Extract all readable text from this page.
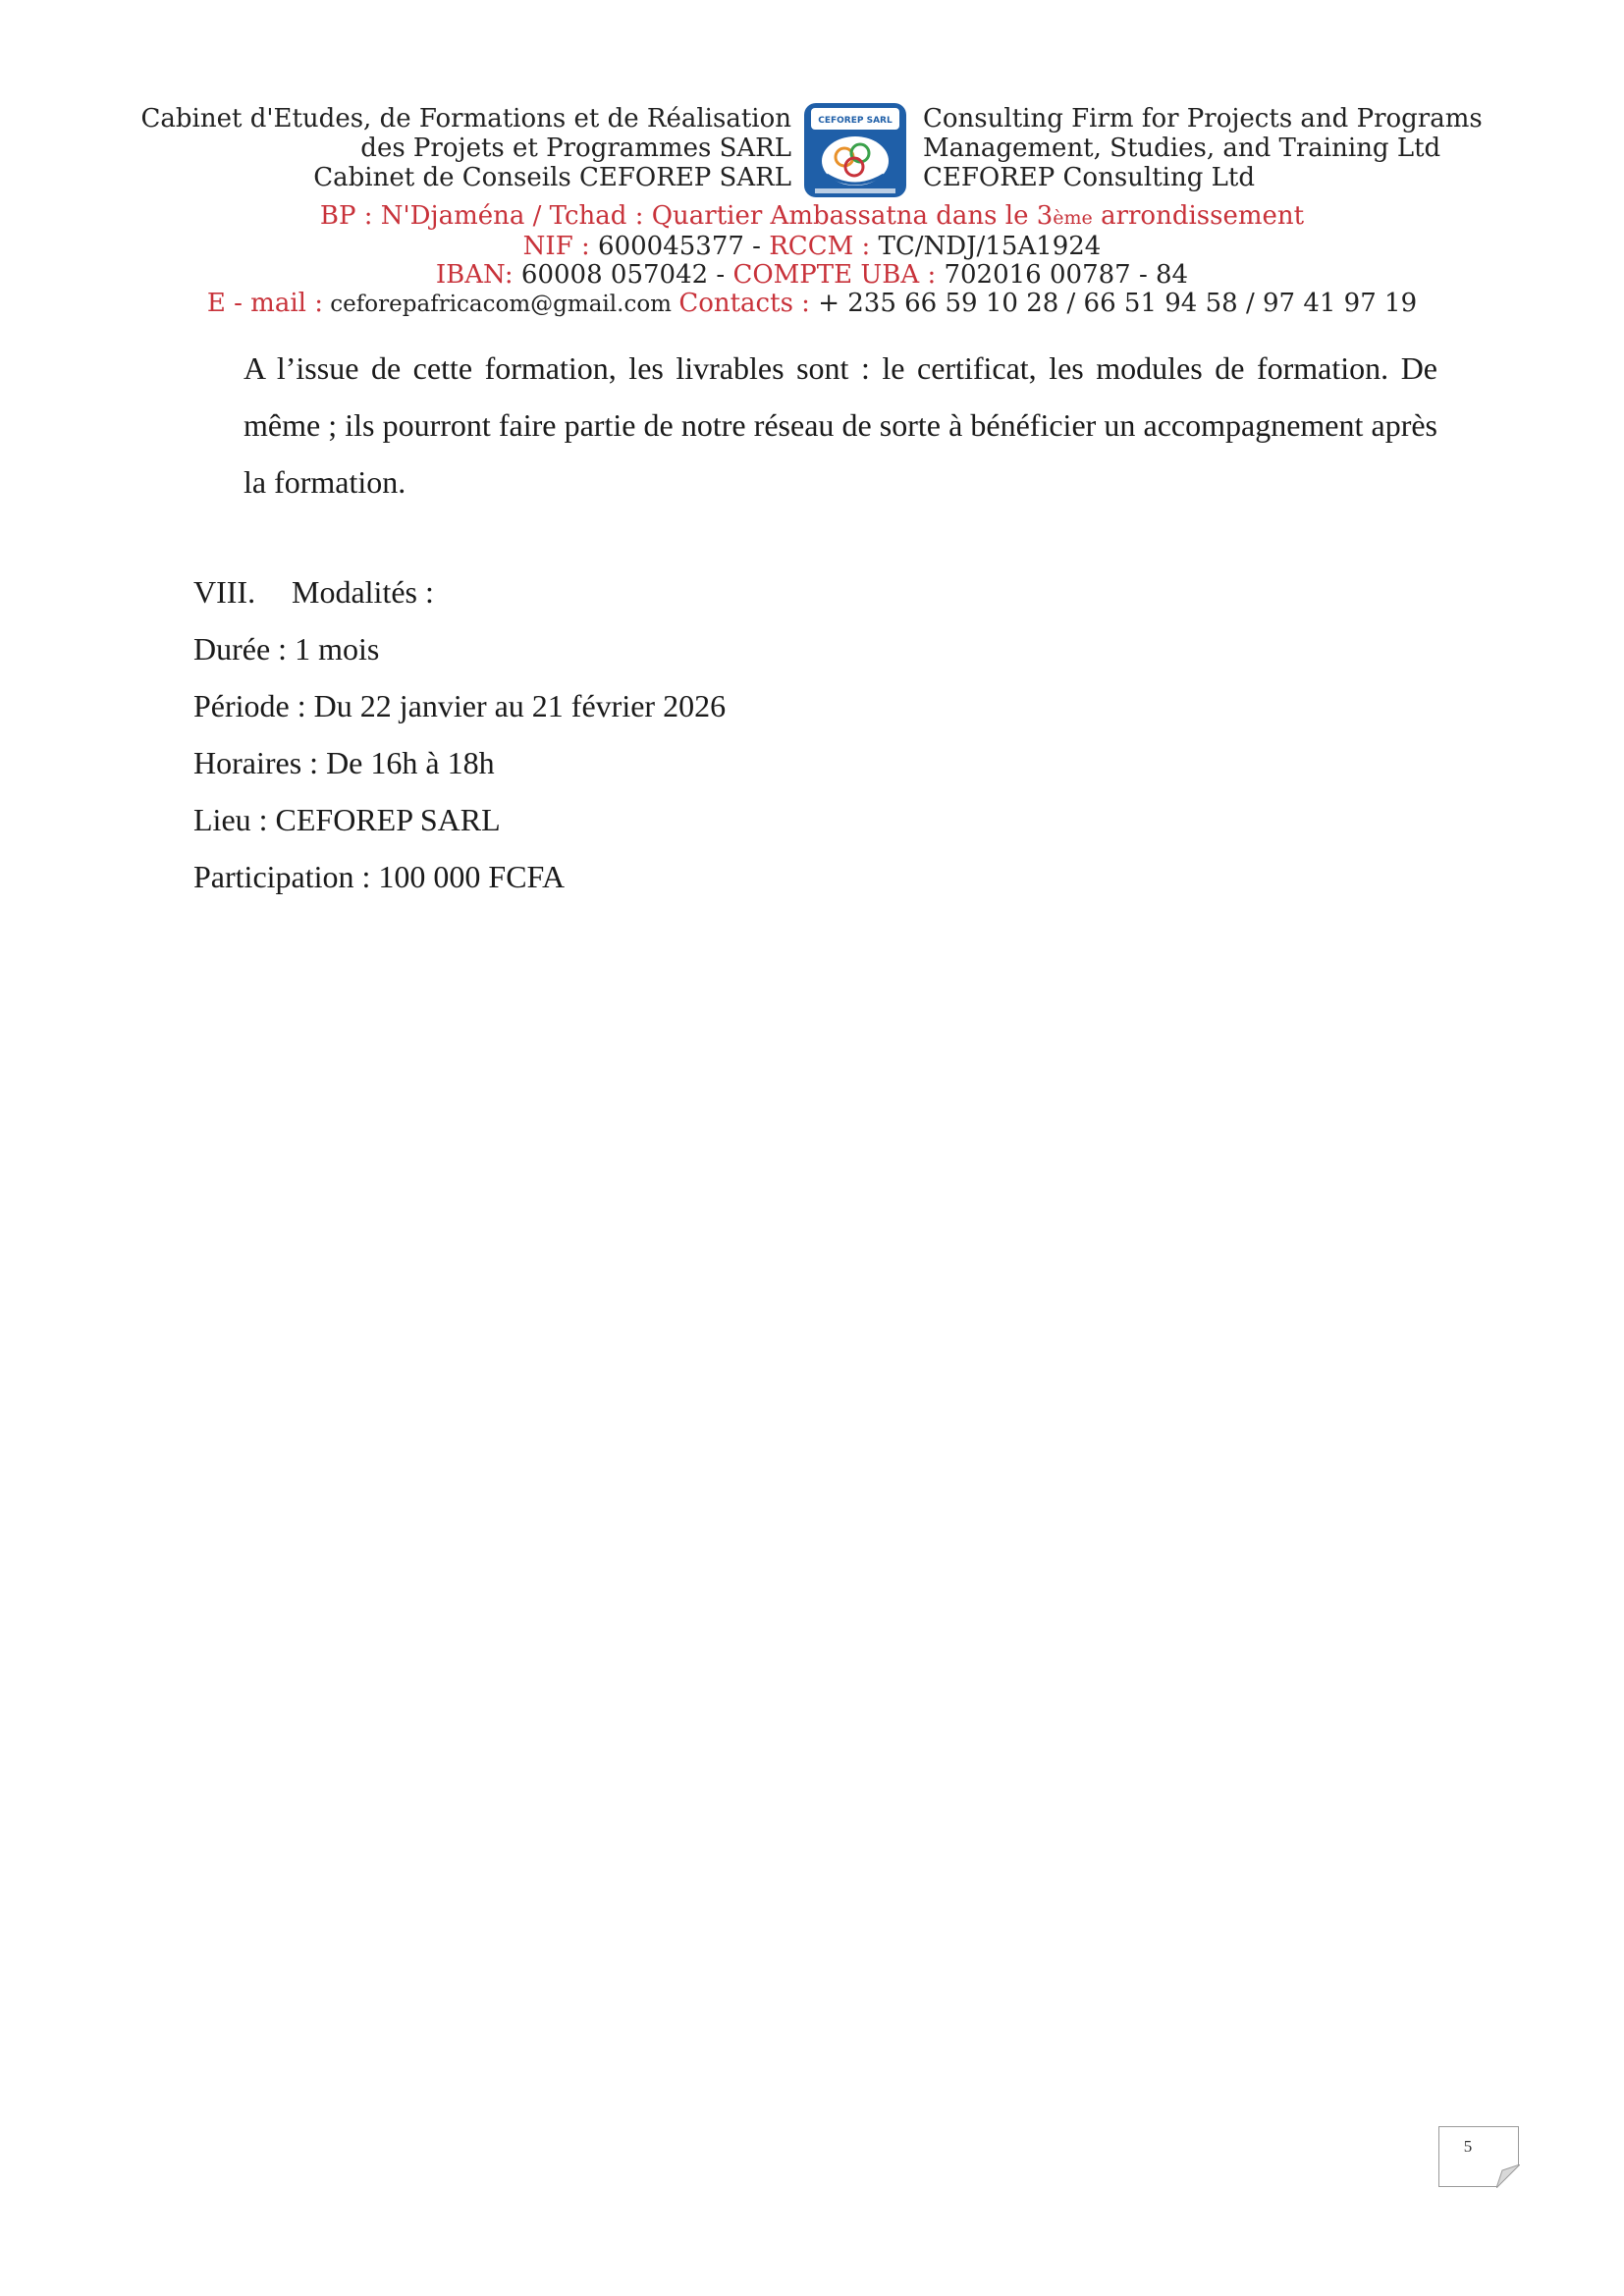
Cabinet d'Etudes, de Formations et de Réalisation
des Projets et Programmes SARL
Cabinet de Conseils CEFOREP SARL
CEFOREP SARL Consulting Firm for Projects and Programs
Management, Studies, and Training Ltd
CEFOREP Consulting Ltd
BP : N'Djaména / Tchad : Quartier Ambassatna dans le 3ème arrondissement
NIF : 600045377 - RCCM : TC/NDJ/15A1924
IBAN: 60008 057042 - COMPTE UBA : 702016 00787 - 84
E - mail : ceforepafricacom@gmail.com Contacts : + 235 66 59 10 28 / 66 51 94 58 / 97 41 97 19
A l’issue de cette formation, les livrables sont : le certificat, les modules de formation. De même ; ils pourront faire partie de notre réseau de sorte à bénéficier un accompagnement après la formation.
VIII.	Modalités :
Durée : 1 mois
Période : Du 22 janvier au 21 février 2026
Horaires : De 16h à 18h
Lieu : CEFOREP SARL
Participation : 100 000 FCFA
5
